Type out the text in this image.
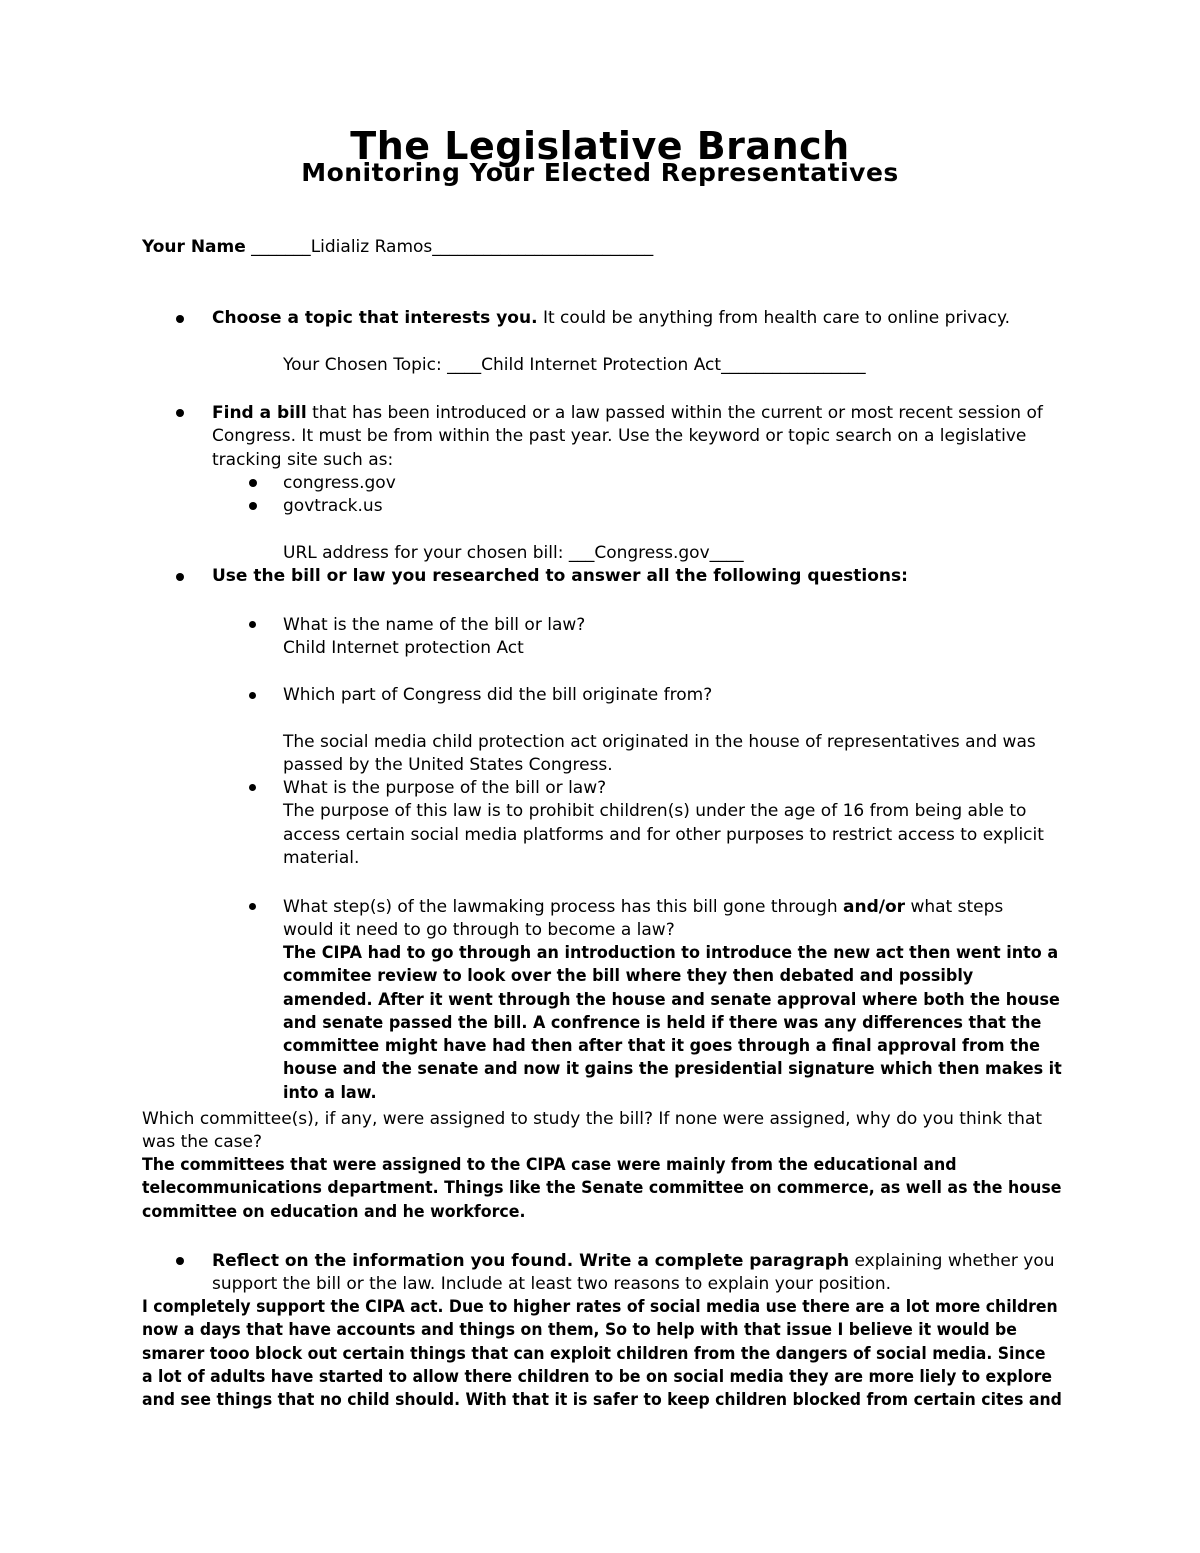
The Legislative Branch
Monitoring Your Elected Representatives
Your Name _______Lidializ Ramos__________________________
Choose a topic that interests you. It could be anything from health care to online privacy.
Your Chosen Topic: ____Child Internet Protection Act_________________
Find a bill that has been introduced or a law passed within the current or most recent session of
Congress. It must be from within the past year. Use the keyword or topic search on a legislative
tracking site such as:
congress.gov
govtrack.us
URL address for your chosen bill: ___Congress.gov____
Use the bill or law you researched to answer all the following questions:
What is the name of the bill or law?
Child Internet protection Act
Which part of Congress did the bill originate from?
The social media child protection act originated in the house of representatives and was
passed by the United States Congress.
What is the purpose of the bill or law?
The purpose of this law is to prohibit children(s) under the age of 16 from being able to
access certain social media platforms and for other purposes to restrict access to explicit
material.
What step(s) of the lawmaking process has this bill gone through and/or what steps
would it need to go through to become a law?
The CIPA had to go through an introduction to introduce the new act then went into a
commitee review to look over the bill where they then debated and possibly
amended. After it went through the house and senate approval where both the house
and senate passed the bill. A confrence is held if there was any differences that the
committee might have had then after that it goes through a final approval from the
house and the senate and now it gains the presidential signature which then makes it
into a law.
Which committee(s), if any, were assigned to study the bill? If none were assigned, why do you think that
was the case?
The committees that were assigned to the CIPA case were mainly from the educational and
telecommunications department. Things like the Senate committee on commerce, as well as the house
committee on education and he workforce.
Reflect on the information you found. Write a complete paragraph explaining whether you
support the bill or the law. Include at least two reasons to explain your position.
I completely support the CIPA act. Due to higher rates of social media use there are a lot more children
now a days that have accounts and things on them, So to help with that issue I believe it would be
smarer tooo block out certain things that can exploit children from the dangers of social media. Since
a lot of adults have started to allow there children to be on social media they are more liely to explore
and see things that no child should. With that it is safer to keep children blocked from certain cites and
